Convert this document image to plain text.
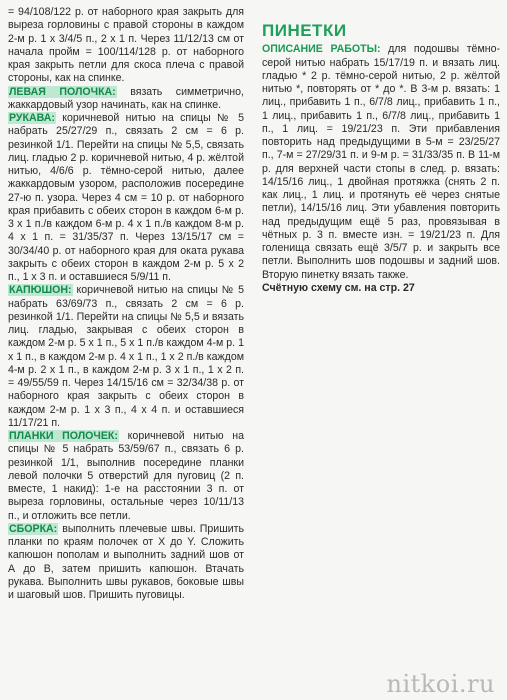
= 94/108/122 р. от наборного края закрыть для выреза горловины с правой стороны в каждом 2-м р. 1 х 3/4/5 п., 2 х 1 п. Через 11/12/13 см от начала пройм = 100/114/128 р. от наборного края закрыть петли для скоса плеча с правой стороны, как на спинке.

ЛЕВАЯ ПОЛОЧКА: вязать симметрично, жаккардовый узор начинать, как на спинке.

РУКАВА: коричневой нитью на спицы № 5 набрать 25/27/29 п., связать 2 см = 6 р. резинкой 1/1. Перейти на спицы № 5,5, связать лиц. гладью 2 р. коричневой нитью, 4 р. жёлтой нитью, 4/6/6 р. тёмно-серой нитью, далее жаккардовым узором, расположив посередине 27-ю п. узора. Через 4 см = 10 р. от наборного края прибавить с обеих сторон в каждом 6-м р. 3 х 1 п./в каждом 6-м р. 4 х 1 п./в каждом 8-м р. 4 х 1 п. = 31/35/37 п. Через 13/15/17 см = 30/34/40 р. от наборного края для оката рукава закрыть с обеих сторон в каждом 2-м р. 5 х 2 п., 1 х 3 п. и оставшиеся 5/9/11 п.

КАПЮШОН: коричневой нитью на спицы № 5 набрать 63/69/73 п., связать 2 см = 6 р. резинкой 1/1. Перейти на спицы № 5,5 и вязать лиц. гладью, закрывая с обеих сторон в каждом 2-м р. 5 х 1 п., 5 х 1 п./в каждом 4-м р. 1 х 1 п., в каждом 2-м р. 4 х 1 п., 1 х 2 п./в каждом 4-м р. 2 х 1 п., в каждом 2-м р. 3 х 1 п., 1 х 2 п. = 49/55/59 п. Через 14/15/16 см = 32/34/38 р. от наборного края закрыть с обеих сторон в каждом 2-м р. 1 х 3 п., 4 х 4 п. и оставшиеся 11/17/21 п.

ПЛАНКИ ПОЛОЧЕК: коричневой нитью на спицы № 5 набрать 53/59/67 п., связать 6 р. резинкой 1/1, выполнив посередине планки левой полочки 5 отверстий для пуговиц (2 п. вместе, 1 накид): 1-е на расстоянии 3 п. от выреза горловины, остальные через 10/11/13 п., и отложить все петли.

СБОРКА: выполнить плечевые швы. Пришить планки по краям полочек от Х до Y. Сложить капюшон пополам и выполнить задний шов от А до В, затем пришить капюшон. Втачать рукава. Выполнить швы рукавов, боковые швы и шаговый шов. Пришить пуговицы.

ПИНЕТКИ

ОПИСАНИЕ РАБОТЫ: для подошвы тёмно-серой нитью набрать 15/17/19 п. и вязать лиц. гладью * 2 р. тёмно-серой нитью, 2 р. жёлтой нитью *, повторять от * до *. В 3-м р. вязать: 1 лиц., прибавить 1 п., 6/7/8 лиц., прибавить 1 п., 1 лиц., прибавить 1 п., 6/7/8 лиц., прибавить 1 п., 1 лиц. = 19/21/23 п. Эти прибавления повторить над предыдущими в 5-м = 23/25/27 п., 7-м = 27/29/31 п. и 9-м р. = 31/33/35 п. В 11-м р. для верхней части стопы в след. р. вязать: 14/15/16 лиц., 1 двойная протяжка (снять 2 п. как лиц., 1 лиц. и протянуть её через снятые петли), 14/15/16 лиц. Эти убавления повторить над предыдущим ещё 5 раз, провязывая в чётных р. 3 п. вместе изн. = 19/21/23 п. Для голенища связать ещё 3/5/7 р. и закрыть все петли. Выполнить шов подошвы и задний шов. Вторую пинетку вязать также.

Счётную схему см. на стр. 27

nitkoi.ru
